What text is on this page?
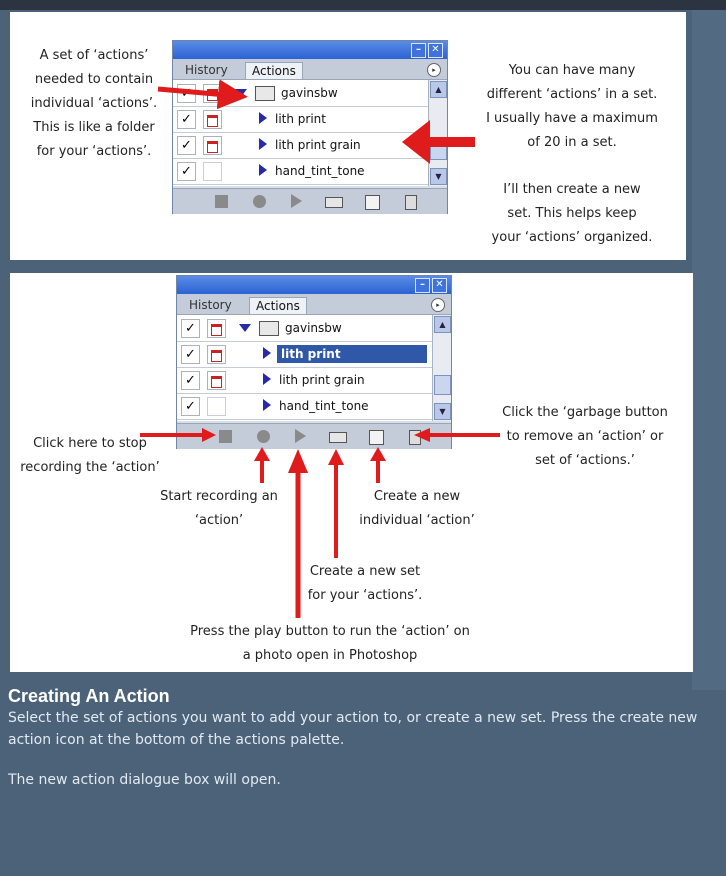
A set of ‘actions’
needed to contain
individual ‘actions’.
This is like a folder
for your ‘actions’.
You can have many
different ‘actions’ in a set.
I usually have a maximum
of 20 in a set.
I’ll then create a new
set. This helps keep
your ‘actions’ organized.
–	✕
History	Actions	▸
gavinsbw
✓	lith print
✓	lith print grain
✓	hand_tint_tone
▲
▼
–	✕
History	Actions	▸
✓	gavinsbw
✓	lith print
✓	lith print grain
✓	hand_tint_tone
▲
▼
Click here to stop
recording the ‘action’
Click the ‘garbage button
to remove an ‘action’ or
set of ‘actions.’
Start recording an
‘action’
Create a new
individual ‘action’
Create a new set
for your ‘actions’.
Press the play button to run the ‘action’ on
a photo open in Photoshop
Creating An Action
Select the set of actions you want to add your action to, or create a new set. Press the create new action icon at the bottom of the actions palette.
The new action dialogue box will open.
